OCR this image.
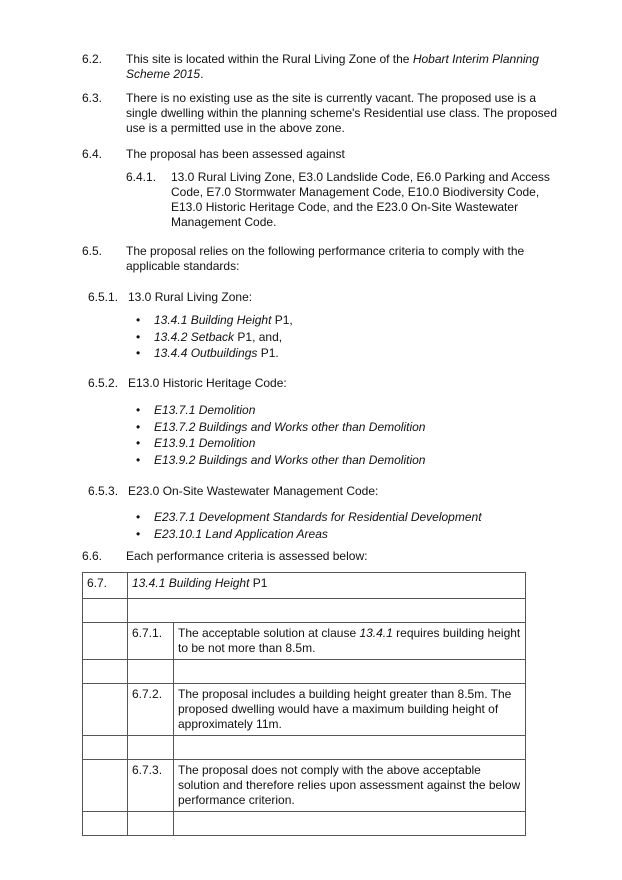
6.2. This site is located within the Rural Living Zone of the Hobart Interim Planning Scheme 2015.
6.3. There is no existing use as the site is currently vacant. The proposed use is a single dwelling within the planning scheme's Residential use class. The proposed use is a permitted use in the above zone.
6.4. The proposal has been assessed against
6.4.1. 13.0 Rural Living Zone, E3.0 Landslide Code, E6.0 Parking and Access Code, E7.0 Stormwater Management Code, E10.0 Biodiversity Code, E13.0 Historic Heritage Code, and the E23.0 On-Site Wastewater Management Code.
6.5. The proposal relies on the following performance criteria to comply with the applicable standards:
6.5.1. 13.0 Rural Living Zone:
• 13.4.1 Building Height P1,
• 13.4.2 Setback P1, and,
• 13.4.4 Outbuildings P1.
6.5.2. E13.0 Historic Heritage Code:
• E13.7.1 Demolition
• E13.7.2 Buildings and Works other than Demolition
• E13.9.1 Demolition
• E13.9.2 Buildings and Works other than Demolition
6.5.3. E23.0 On-Site Wastewater Management Code:
• E23.7.1 Development Standards for Residential Development
• E23.10.1 Land Application Areas
6.6. Each performance criteria is assessed below:
6.7.	13.4.1 Building Height P1	

	6.7.1.	The acceptable solution at clause 13.4.1 requires building height to be not more than 8.5m.

	6.7.2.	The proposal includes a building height greater than 8.5m. The proposed dwelling would have a maximum building height of approximately 11m.

	6.7.3.	The proposal does not comply with the above acceptable solution and therefore relies upon assessment against the below performance criterion.
